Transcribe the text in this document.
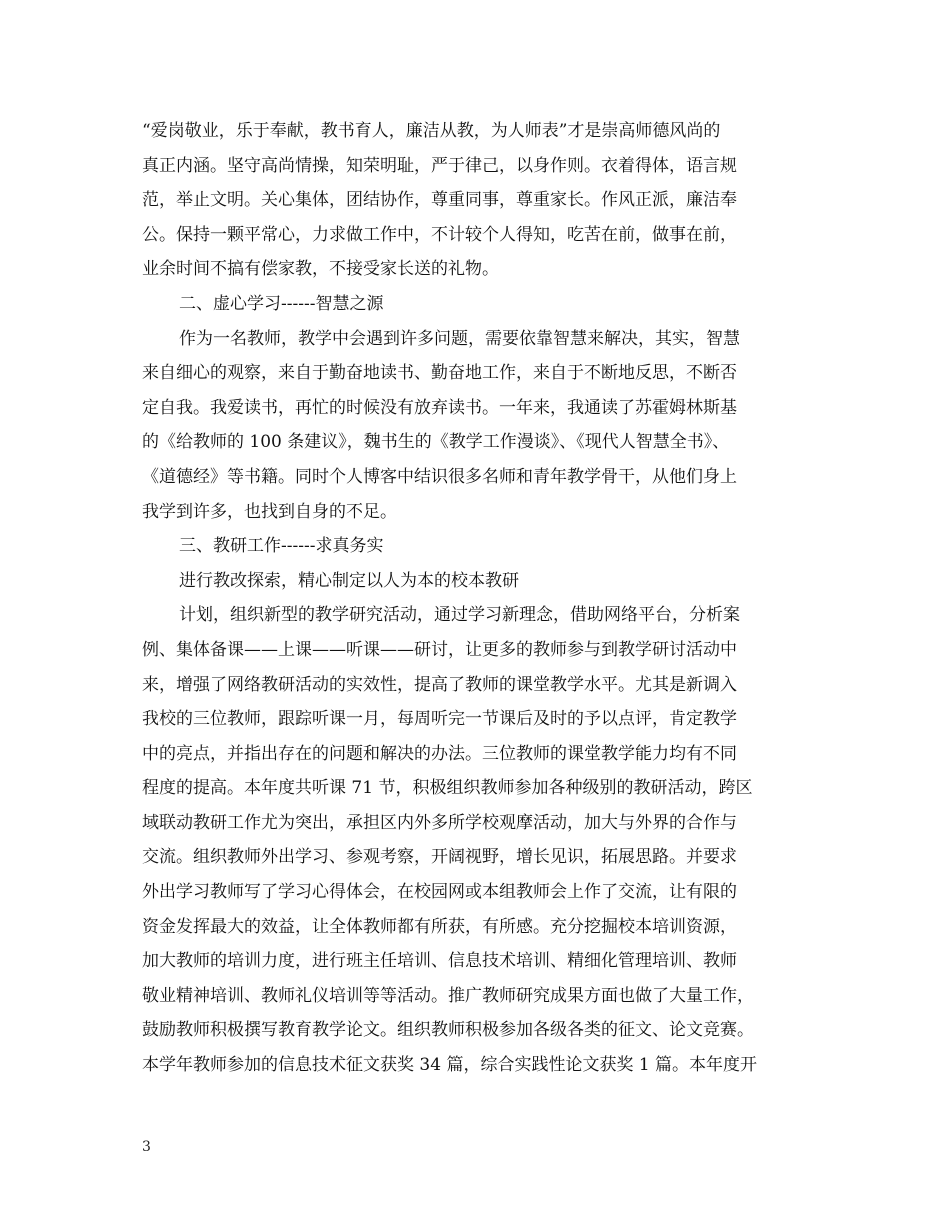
“爱岗敬业，乐于奉献，教书育人，廉洁从教，为人师表”才是崇高师德风尚的
真正内涵。坚守高尚情操，知荣明耻，严于律己，以身作则。衣着得体，语言规
范，举止文明。关心集体，团结协作，尊重同事，尊重家长。作风正派，廉洁奉
公。保持一颗平常心，力求做工作中，不计较个人得知，吃苦在前，做事在前，
业余时间不搞有偿家教，不接受家长送的礼物。
二、虚心学习------智慧之源
作为一名教师，教学中会遇到许多问题，需要依靠智慧来解决，其实，智慧
来自细心的观察，来自于勤奋地读书、勤奋地工作，来自于不断地反思，不断否
定自我。我爱读书，再忙的时候没有放弃读书。一年来，我通读了苏霍姆林斯基
的《给教师的 100 条建议》，魏书生的《教学工作漫谈》、《现代人智慧全书》、
《道德经》等书籍。同时个人博客中结识很多名师和青年教学骨干，从他们身上
我学到许多，也找到自身的不足。
三、教研工作------求真务实
进行教改探索，精心制定以人为本的校本教研
计划，组织新型的教学研究活动，通过学习新理念，借助网络平台，分析案
例、集体备课——上课——听课——研讨，让更多的教师参与到教学研讨活动中
来，增强了网络教研活动的实效性，提高了教师的课堂教学水平。尤其是新调入
我校的三位教师，跟踪听课一月，每周听完一节课后及时的予以点评，肯定教学
中的亮点，并指出存在的问题和解决的办法。三位教师的课堂教学能力均有不同
程度的提高。本年度共听课 71 节，积极组织教师参加各种级别的教研活动，跨区
域联动教研工作尤为突出，承担区内外多所学校观摩活动，加大与外界的合作与
交流。组织教师外出学习、参观考察，开阔视野，增长见识，拓展思路。并要求
外出学习教师写了学习心得体会，在校园网或本组教师会上作了交流，让有限的
资金发挥最大的效益，让全体教师都有所获，有所感。充分挖掘校本培训资源，
加大教师的培训力度，进行班主任培训、信息技术培训、精细化管理培训、教师
敬业精神培训、教师礼仪培训等等活动。推广教师研究成果方面也做了大量工作，
鼓励教师积极撰写教育教学论文。组织教师积极参加各级各类的征文、论文竞赛。
本学年教师参加的信息技术征文获奖 34 篇，综合实践性论文获奖 1 篇。本年度开
3
